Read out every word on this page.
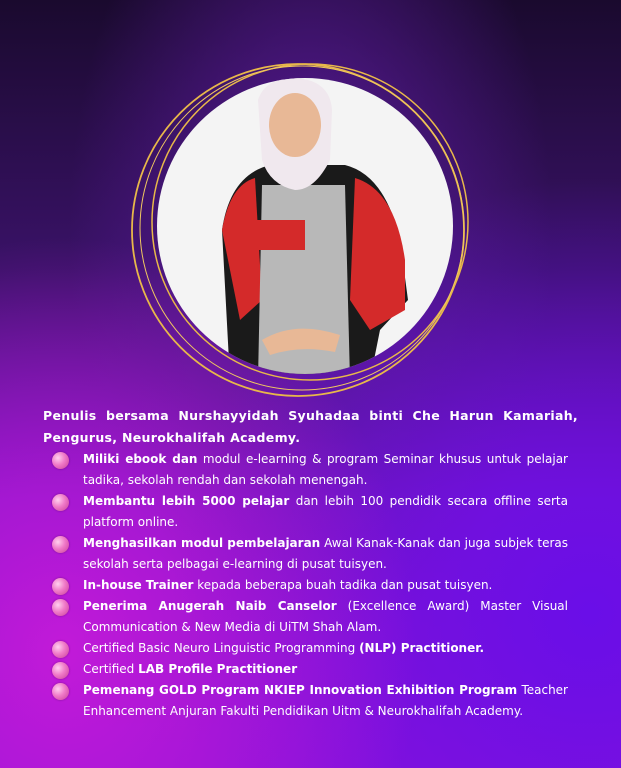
Penulis bersama Nurshayyidah Syuhadaa binti Che Harun Kamariah, Pengurus, Neurokhalifah Academy.
Miliki ebook dan modul e-learning & program Seminar khusus untuk pelajar tadika, sekolah rendah dan sekolah menengah.
Membantu lebih 5000 pelajar dan lebih 100 pendidik secara offline serta platform online.
Menghasilkan modul pembelajaran Awal Kanak-Kanak dan juga subjek teras sekolah serta pelbagai e-learning di pusat tuisyen.
In-house Trainer kepada beberapa buah tadika dan pusat tuisyen.
Penerima Anugerah Naib Canselor (Excellence Award) Master Visual Communication & New Media di UiTM Shah Alam.
Certified Basic Neuro Linguistic Programming (NLP) Practitioner.
Certified LAB Profile Practitioner
Pemenang GOLD Program NKIEP Innovation Exhibition Program Teacher Enhancement Anjuran Fakulti Pendidikan Uitm & Neurokhalifah Academy.
